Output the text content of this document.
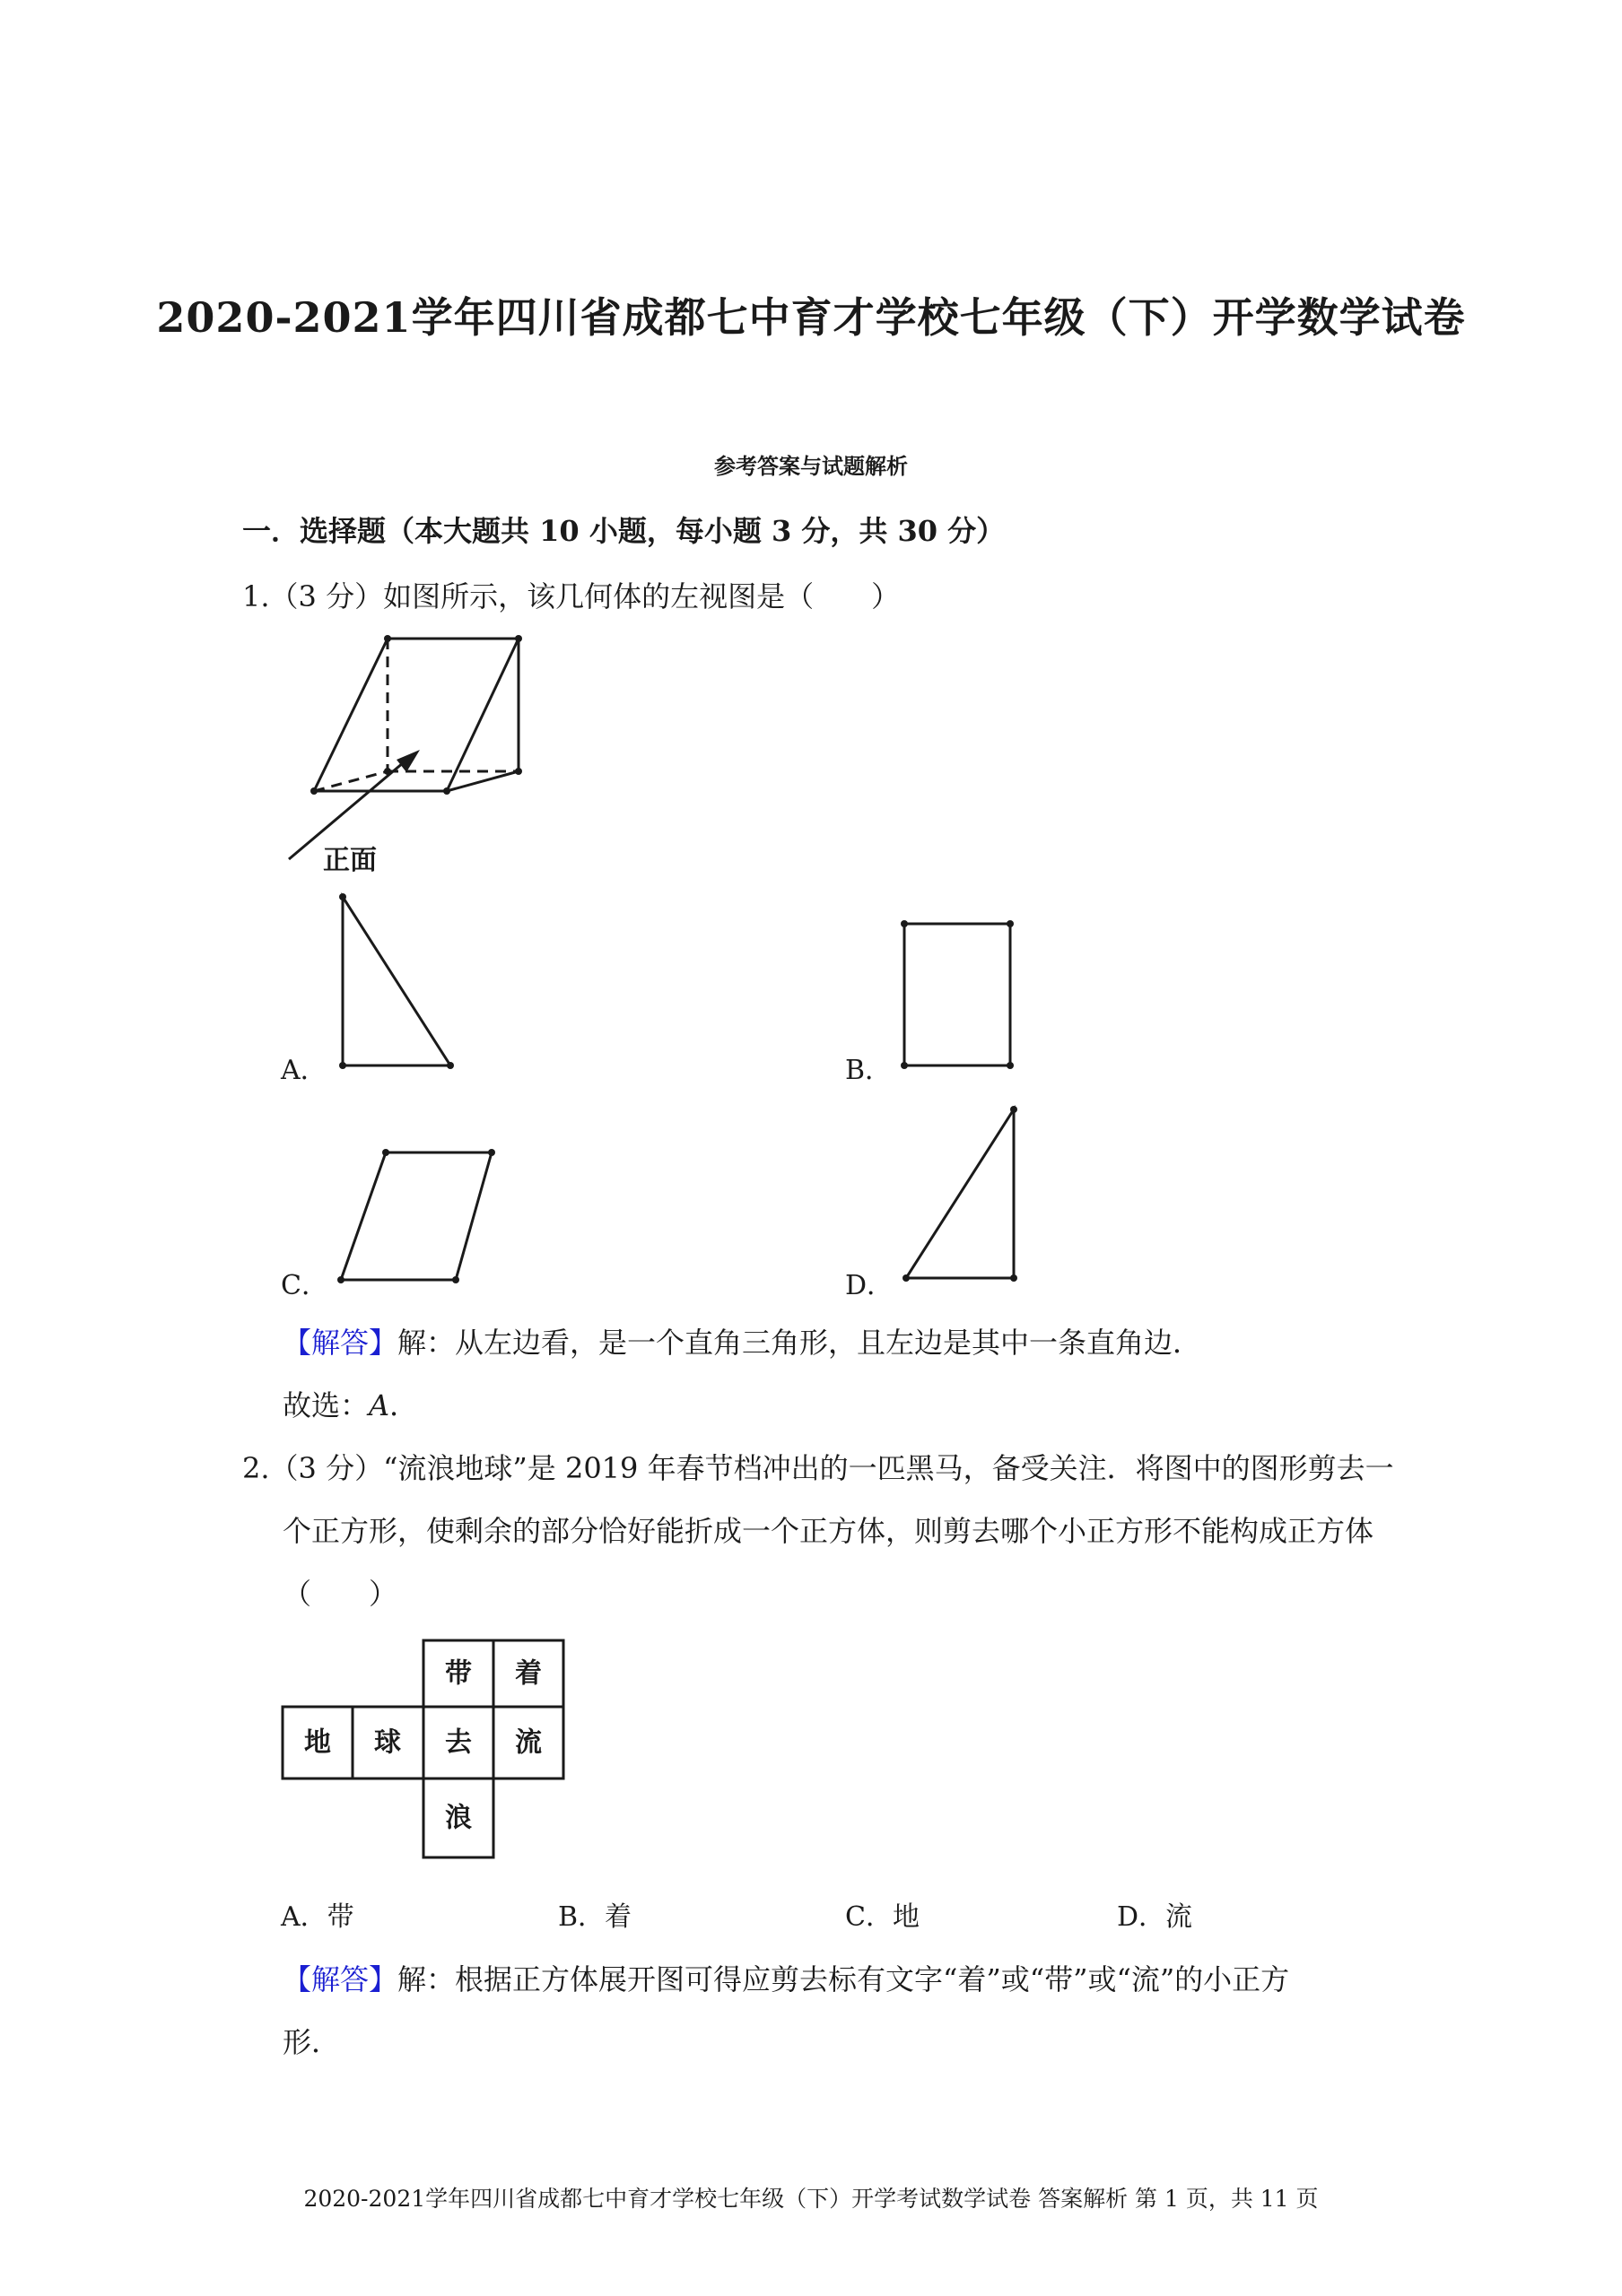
2020-2021学年四川省成都七中育才学校七年级（下）开学数学试卷
参考答案与试题解析
一．选择题（本大题共 10 小题，每小题 3 分，共 30 分）
1.（3 分）如图所示，该几何体的左视图是（　　）
正面
A．	B．
C．	D．
【解答】解：从左边看，是一个直角三角形，且左边是其中一条直角边．
故选：A．
2.（3 分）“流浪地球”是 2019 年春节档冲出的一匹黑马，备受关注．将图中的图形剪去一
个正方形，使剩余的部分恰好能折成一个正方体，则剪去哪个小正方形不能构成正方体
（　　）
带 着
地 球 去 流
浪
A．带	B．着	C．地	D．流
【解答】解：根据正方体展开图可得应剪去标有文字“着”或“带”或“流”的小正方
形．
2020-2021学年四川省成都七中育才学校七年级（下）开学考试数学试卷 答案解析 第 1 页，共 11 页
